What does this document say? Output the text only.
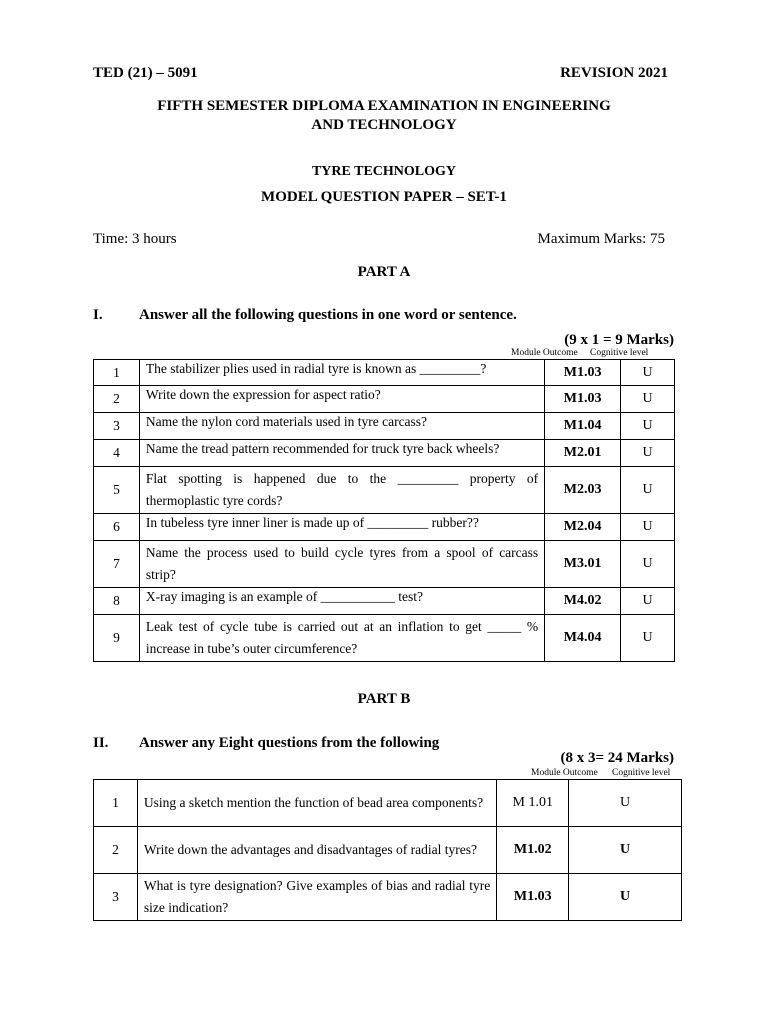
TED (21) – 5091	REVISION 2021
FIFTH SEMESTER DIPLOMA EXAMINATION IN ENGINEERING
AND TECHNOLOGY
TYRE TECHNOLOGY
MODEL QUESTION PAPER – SET-1
Time: 3 hours	Maximum Marks: 75
PART A
I. Answer all the following questions in one word or sentence.
(9 x 1 = 9 Marks)
Module Outcome Cognitive level
1	The stabilizer plies used in radial tyre is known as _________?	M1.03	U
2	Write down the expression for aspect ratio?	M1.03	U
3	Name the nylon cord materials used in tyre carcass?	M1.04	U
4	Name the tread pattern recommended for truck tyre back wheels?	M2.01	U
5	Flat spotting is happened due to the _________ property of thermoplastic tyre cords?	M2.03	U
6	In tubeless tyre inner liner is made up of _________ rubber??	M2.04	U
7	Name the process used to build cycle tyres from a spool of carcass strip?	M3.01	U
8	X-ray imaging is an example of ___________ test?	M4.02	U
9	Leak test of cycle tube is carried out at an inflation to get _____ % increase in tube’s outer circumference?	M4.04	U
PART B
II. Answer any Eight questions from the following
(8 x 3= 24 Marks)
Module Outcome Cognitive level
1	Using a sketch mention the function of bead area components?	M 1.01	U
2	Write down the advantages and disadvantages of radial tyres?	M1.02	U
3	What is tyre designation? Give examples of bias and radial tyre size indication?	M1.03	U
